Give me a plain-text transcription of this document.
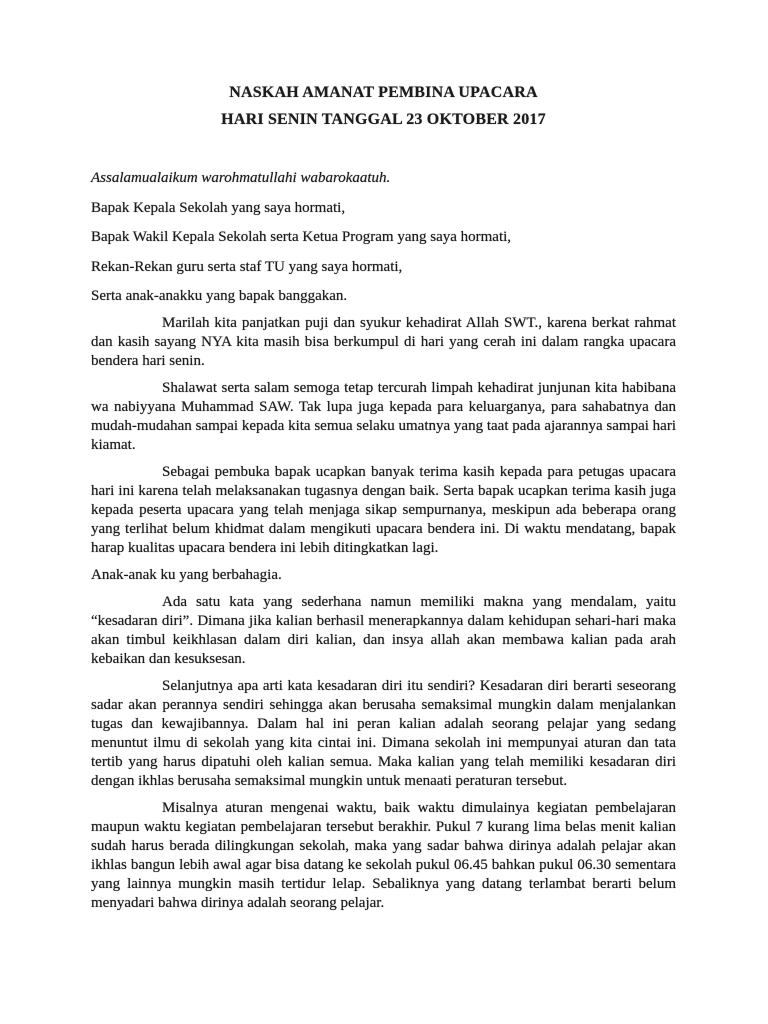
NASKAH AMANAT PEMBINA UPACARA
HARI SENIN TANGGAL 23 OKTOBER 2017
Assalamualaikum warohmatullahi wabarokaatuh.
Bapak Kepala Sekolah yang saya hormati,
Bapak Wakil Kepala Sekolah serta Ketua Program yang saya hormati,
Rekan-Rekan guru serta staf TU yang saya hormati,
Serta anak-anakku yang bapak banggakan.
Marilah kita panjatkan puji dan syukur kehadirat Allah SWT., karena berkat rahmat dan kasih sayang NYA kita masih bisa berkumpul di hari yang cerah ini dalam rangka upacara bendera hari senin.
Shalawat serta salam semoga tetap tercurah limpah kehadirat junjunan kita habibana wa nabiyyana Muhammad SAW. Tak lupa juga kepada para keluarganya, para sahabatnya dan mudah-mudahan sampai kepada kita semua selaku umatnya yang taat pada ajarannya sampai hari kiamat.
Sebagai pembuka bapak ucapkan banyak terima kasih kepada para petugas upacara hari ini karena telah melaksanakan tugasnya dengan baik. Serta bapak ucapkan terima kasih juga kepada peserta upacara yang telah menjaga sikap sempurnanya, meskipun ada beberapa orang yang terlihat belum khidmat dalam mengikuti upacara bendera ini. Di waktu mendatang, bapak harap kualitas upacara bendera ini lebih ditingkatkan lagi.
Anak-anak ku yang berbahagia.
Ada satu kata yang sederhana namun memiliki makna yang mendalam, yaitu “kesadaran diri”. Dimana jika kalian berhasil menerapkannya dalam kehidupan sehari-hari maka akan timbul keikhlasan dalam diri kalian, dan insya allah akan membawa kalian pada arah kebaikan dan kesuksesan.
Selanjutnya apa arti kata kesadaran diri itu sendiri? Kesadaran diri berarti seseorang sadar akan perannya sendiri sehingga akan berusaha semaksimal mungkin dalam menjalankan tugas dan kewajibannya. Dalam hal ini peran kalian adalah seorang pelajar yang sedang menuntut ilmu di sekolah yang kita cintai ini. Dimana sekolah ini mempunyai aturan dan tata tertib yang harus dipatuhi oleh kalian semua. Maka kalian yang telah memiliki kesadaran diri dengan ikhlas berusaha semaksimal mungkin untuk menaati peraturan tersebut.
Misalnya aturan mengenai waktu, baik waktu dimulainya kegiatan pembelajaran maupun waktu kegiatan pembelajaran tersebut berakhir. Pukul 7 kurang lima belas menit kalian sudah harus berada dilingkungan sekolah, maka yang sadar bahwa dirinya adalah pelajar akan ikhlas bangun lebih awal agar bisa datang ke sekolah pukul 06.45 bahkan pukul 06.30 sementara yang lainnya mungkin masih tertidur lelap. Sebaliknya yang datang terlambat berarti belum menyadari bahwa dirinya adalah seorang pelajar.
